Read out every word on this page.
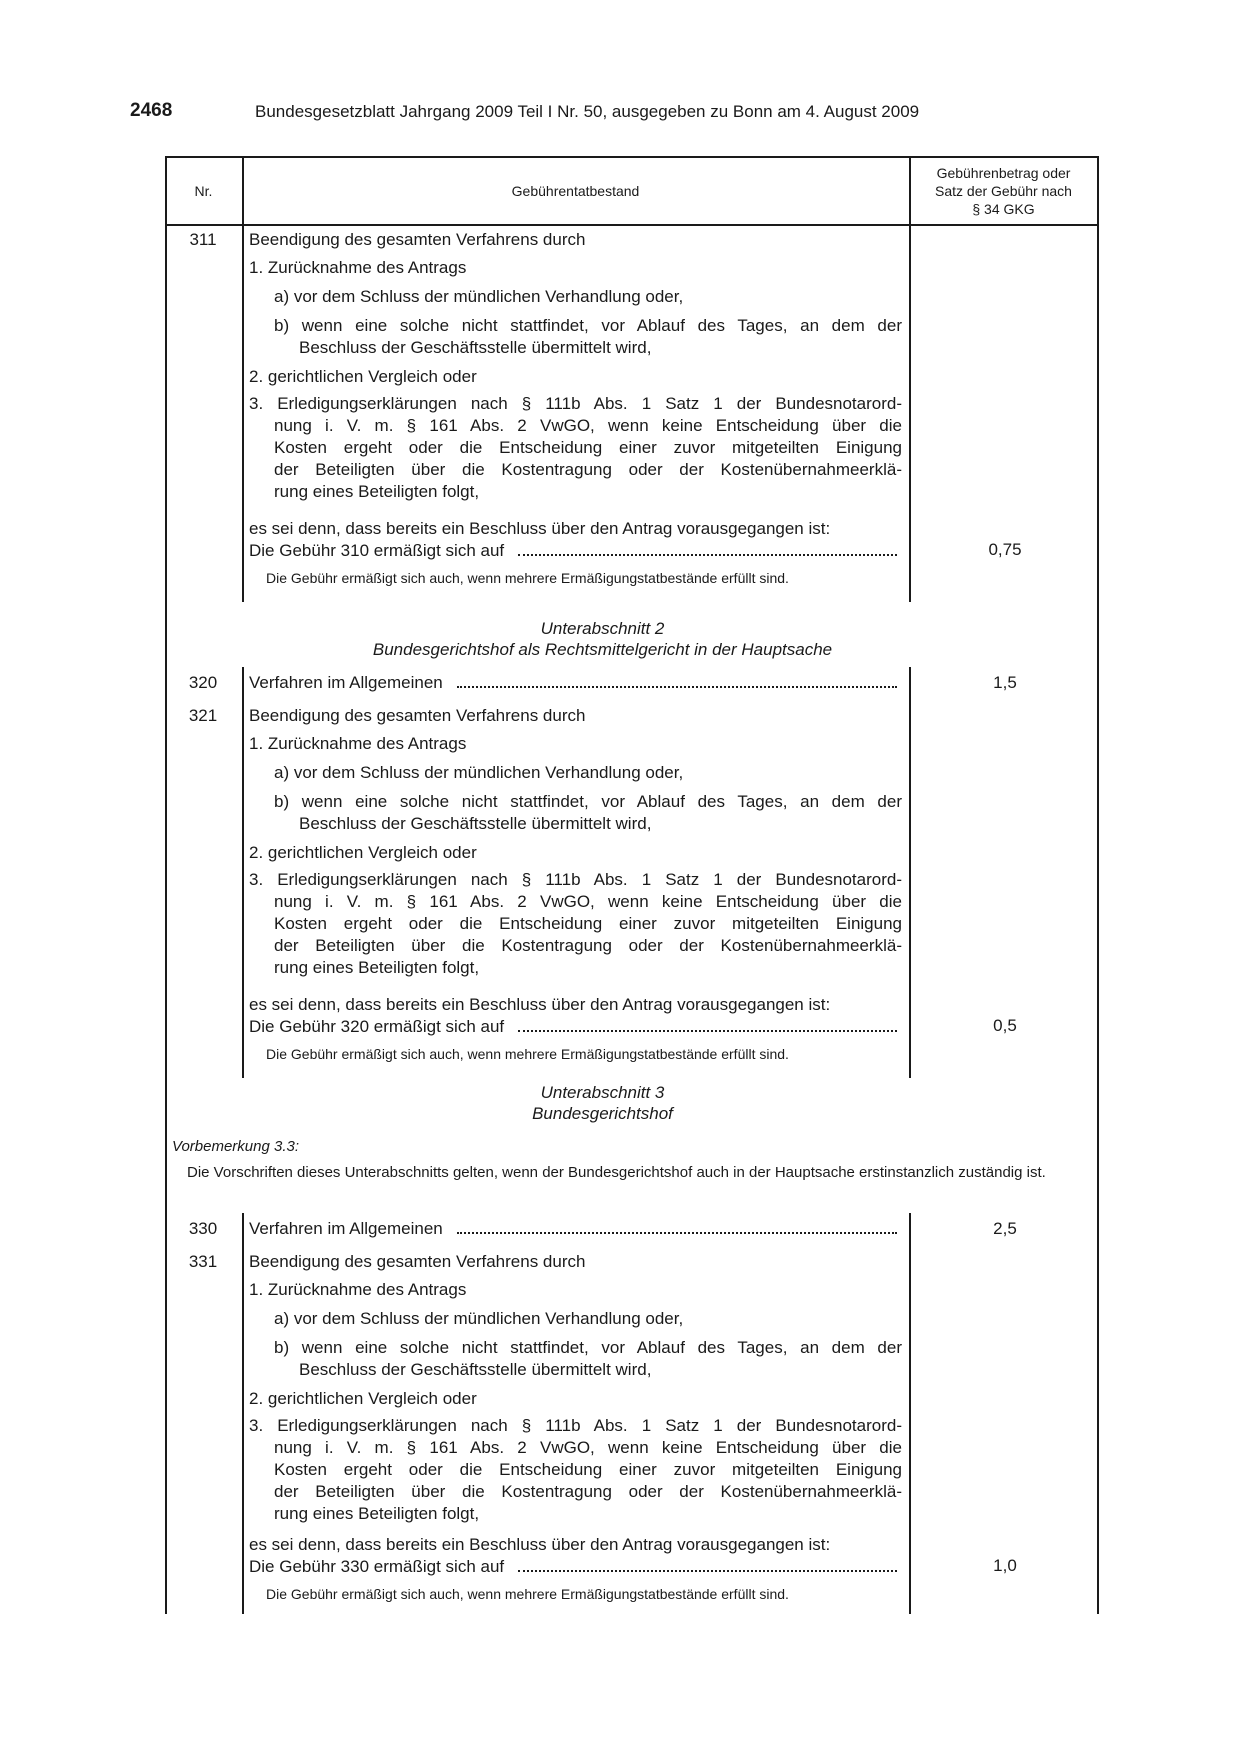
2468	Bundesgesetzblatt Jahrgang 2009 Teil I Nr. 50, ausgegeben zu Bonn am 4. August 2009
Nr.	Gebührentatbestand
Gebührenbetrag oder
Satz der Gebühr nach
§ 34 GKG
311	Beendigung des gesamten Verfahrens durch
1. Zurücknahme des Antrags
a) vor dem Schluss der mündlichen Verhandlung oder,
b) wenn eine solche nicht stattfindet, vor Ablauf des Tages, an dem der
Beschluss der Geschäftsstelle übermittelt wird,
2. gerichtlichen Vergleich oder
3. Erledigungserklärungen nach § 111b Abs. 1 Satz 1 der Bundesnotarord-
nung i. V. m. § 161 Abs. 2 VwGO, wenn keine Entscheidung über die
Kosten ergeht oder die Entscheidung einer zuvor mitgeteilten Einigung
der Beteiligten über die Kostentragung oder der Kostenübernahmeerklä-
rung eines Beteiligten folgt,
es sei denn, dass bereits ein Beschluss über den Antrag vorausgegangen ist:
Die Gebühr 310 ermäßigt sich auf	0,75
Die Gebühr ermäßigt sich auch, wenn mehrere Ermäßigungstatbestände erfüllt sind.
Unterabschnitt 2
Bundesgerichtshof als Rechtsmittelgericht in der Hauptsache
320	Verfahren im Allgemeinen	1,5
321	Beendigung des gesamten Verfahrens durch
1. Zurücknahme des Antrags
a) vor dem Schluss der mündlichen Verhandlung oder,
b) wenn eine solche nicht stattfindet, vor Ablauf des Tages, an dem der
Beschluss der Geschäftsstelle übermittelt wird,
2. gerichtlichen Vergleich oder
3. Erledigungserklärungen nach § 111b Abs. 1 Satz 1 der Bundesnotarord-
nung i. V. m. § 161 Abs. 2 VwGO, wenn keine Entscheidung über die
Kosten ergeht oder die Entscheidung einer zuvor mitgeteilten Einigung
der Beteiligten über die Kostentragung oder der Kostenübernahmeerklä-
rung eines Beteiligten folgt,
es sei denn, dass bereits ein Beschluss über den Antrag vorausgegangen ist:
Die Gebühr 320 ermäßigt sich auf	0,5
Die Gebühr ermäßigt sich auch, wenn mehrere Ermäßigungstatbestände erfüllt sind.
Unterabschnitt 3
Bundesgerichtshof
Vorbemerkung 3.3:
Die Vorschriften dieses Unterabschnitts gelten, wenn der Bundesgerichtshof auch in der Hauptsache erstinstanzlich zuständig ist.
330	Verfahren im Allgemeinen	2,5
331	Beendigung des gesamten Verfahrens durch
1. Zurücknahme des Antrags
a) vor dem Schluss der mündlichen Verhandlung oder,
b) wenn eine solche nicht stattfindet, vor Ablauf des Tages, an dem der
Beschluss der Geschäftsstelle übermittelt wird,
2. gerichtlichen Vergleich oder
3. Erledigungserklärungen nach § 111b Abs. 1 Satz 1 der Bundesnotarord-
nung i. V. m. § 161 Abs. 2 VwGO, wenn keine Entscheidung über die
Kosten ergeht oder die Entscheidung einer zuvor mitgeteilten Einigung
der Beteiligten über die Kostentragung oder der Kostenübernahmeerklä-
rung eines Beteiligten folgt,
es sei denn, dass bereits ein Beschluss über den Antrag vorausgegangen ist:
Die Gebühr 330 ermäßigt sich auf	1,0
Die Gebühr ermäßigt sich auch, wenn mehrere Ermäßigungstatbestände erfüllt sind.
